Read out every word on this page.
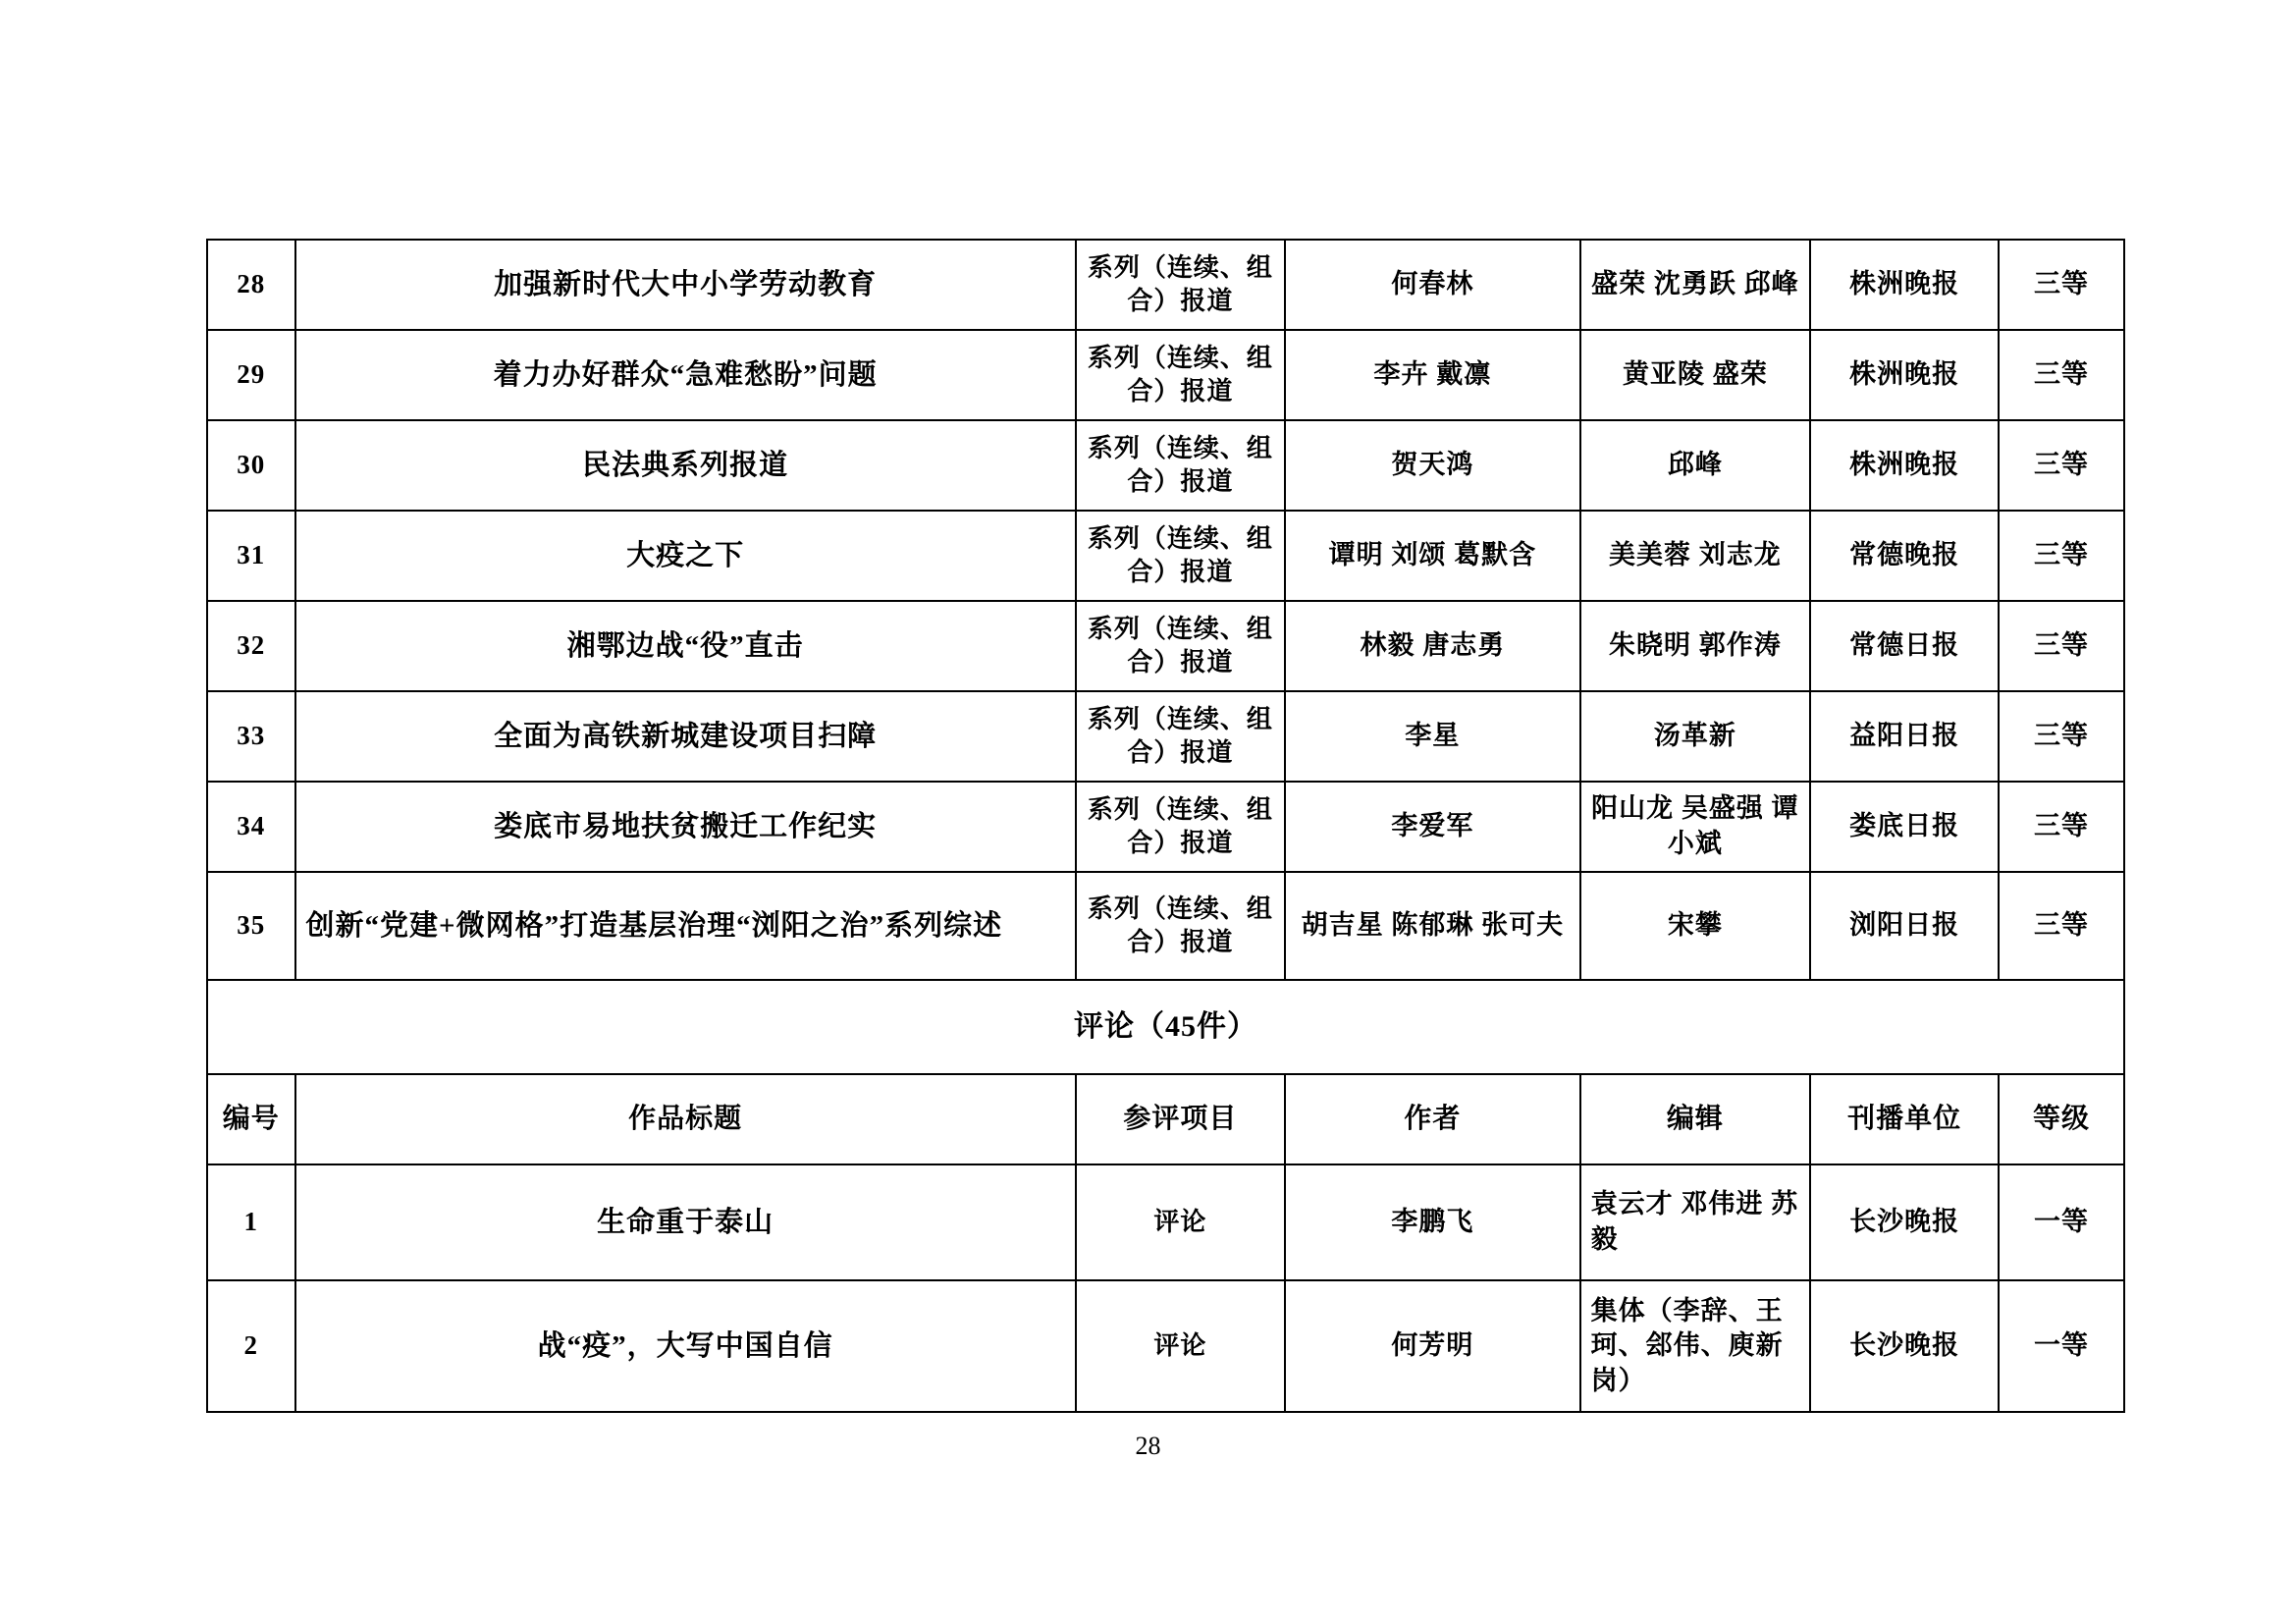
28	加强新时代大中小学劳动教育	系列（连续、组合）报道	何春林	盛荣 沈勇跃 邱峰	株洲晚报	三等
29	着力办好群众“急难愁盼”问题	系列（连续、组合）报道	李卉 戴凛	黄亚陵 盛荣	株洲晚报	三等
30	民法典系列报道	系列（连续、组合）报道	贺天鸿	邱峰	株洲晚报	三等
31	大疫之下	系列（连续、组合）报道	谭明 刘颂 葛默含	美美蓉 刘志龙	常德晚报	三等
32	湘鄂边战“役”直击	系列（连续、组合）报道	林毅 唐志勇	朱晓明 郭作涛	常德日报	三等
33	全面为高铁新城建设项目扫障	系列（连续、组合）报道	李星	汤革新	益阳日报	三等
34	娄底市易地扶贫搬迁工作纪实	系列（连续、组合）报道	李爱军	阳山龙 吴盛强 谭小斌	娄底日报	三等
35	创新“党建+微网格”打造基层治理“浏阳之治”系列综述	系列（连续、组合）报道	胡吉星 陈郁琳 张可夫	宋攀	浏阳日报	三等
评论（45件）						
编号	作品标题	参评项目	作者	编辑	刊播单位	等级
1	生命重于泰山	评论	李鹏飞	袁云才 邓伟进 苏毅	长沙晚报	一等
2	战“疫”，大写中国自信	评论	何芳明	集体（李辞、王珂、郐伟、庾新岗）	长沙晚报	一等
28
